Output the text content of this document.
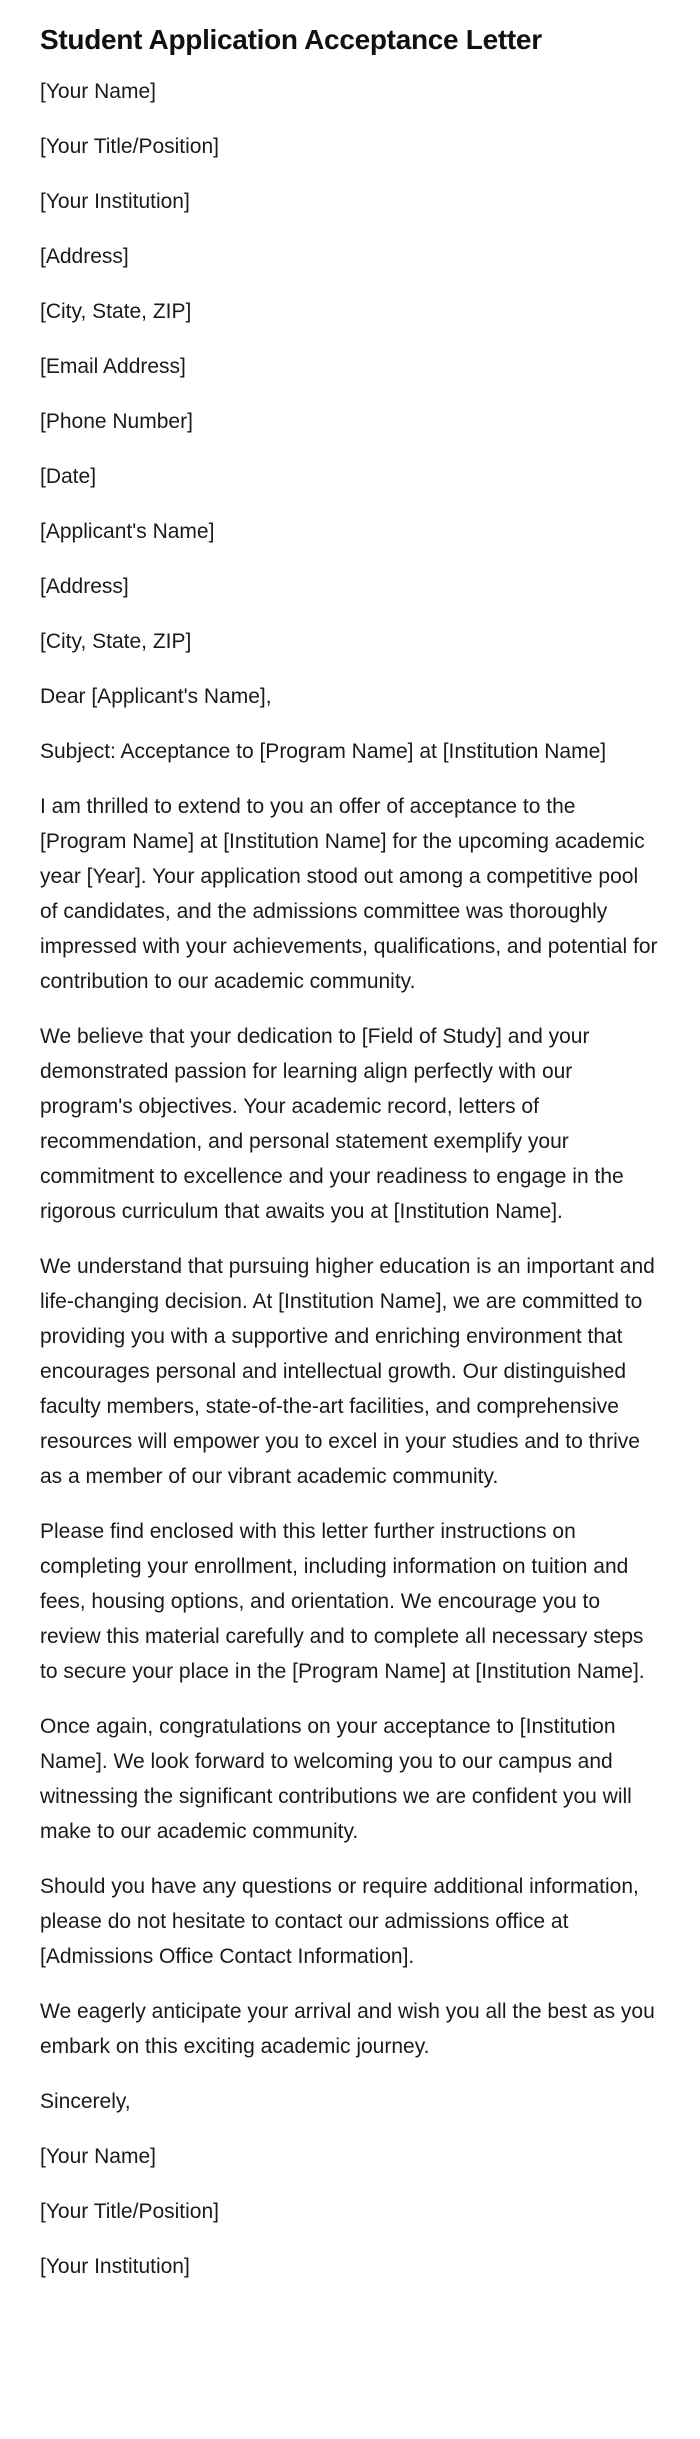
Student Application Acceptance Letter
[Your Name]
[Your Title/Position]
[Your Institution]
[Address]
[City, State, ZIP]
[Email Address]
[Phone Number]
[Date]
[Applicant's Name]
[Address]
[City, State, ZIP]
Dear [Applicant's Name],
Subject: Acceptance to [Program Name] at [Institution Name]

I am thrilled to extend to you an offer of acceptance to the [Program Name] at [Institution Name] for the upcoming academic year [Year]. Your application stood out among a competitive pool of candidates, and the admissions committee was thoroughly impressed with your achievements, qualifications, and potential for contribution to our academic community.

We believe that your dedication to [Field of Study] and your demonstrated passion for learning align perfectly with our program's objectives. Your academic record, letters of recommendation, and personal statement exemplify your commitment to excellence and your readiness to engage in the rigorous curriculum that awaits you at [Institution Name].

We understand that pursuing higher education is an important and life-changing decision. At [Institution Name], we are committed to providing you with a supportive and enriching environment that encourages personal and intellectual growth. Our distinguished faculty members, state-of-the-art facilities, and comprehensive resources will empower you to excel in your studies and to thrive as a member of our vibrant academic community.

Please find enclosed with this letter further instructions on completing your enrollment, including information on tuition and fees, housing options, and orientation. We encourage you to review this material carefully and to complete all necessary steps to secure your place in the [Program Name] at [Institution Name].

Once again, congratulations on your acceptance to [Institution Name]. We look forward to welcoming you to our campus and witnessing the significant contributions we are confident you will make to our academic community.

Should you have any questions or require additional information, please do not hesitate to contact our admissions office at [Admissions Office Contact Information].

We eagerly anticipate your arrival and wish you all the best as you embark on this exciting academic journey.

Sincerely,
[Your Name]
[Your Title/Position]
[Your Institution]
